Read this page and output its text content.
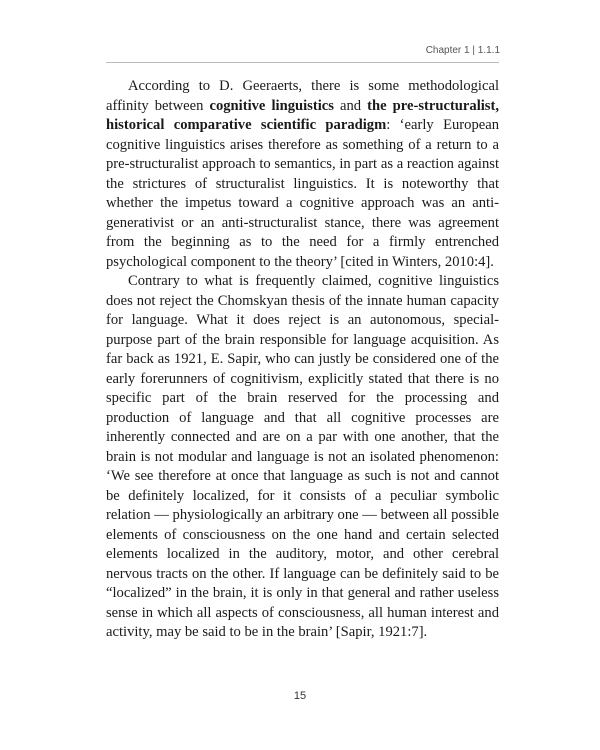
Chapter 1 | 1.1.1

According to D. Geeraerts, there is some methodological affinity between cognitive linguistics and the pre-structuralist, historical comparative scientific paradigm: ‘early European cognitive linguistics arises therefore as something of a return to a pre-structuralist approach to semantics, in part as a reaction against the strictures of structuralist linguistics. It is noteworthy that whether the impetus toward a cognitive approach was an anti-generativist or an anti-structuralist stance, there was agreement from the beginning as to the need for a firmly entrenched psychological component to the theory’ [cited in Winters, 2010:4].

Contrary to what is frequently claimed, cognitive linguistics does not reject the Chomskyan thesis of the innate human capacity for language. What it does reject is an autonomous, special-purpose part of the brain responsible for language acquisition. As far back as 1921, E. Sapir, who can justly be considered one of the early forerunners of cognitivism, explicitly stated that there is no specific part of the brain reserved for the processing and production of language and that all cognitive processes are inherently connected and are on a par with one another, that the brain is not modular and language is not an isolated phenomenon: ‘We see therefore at once that language as such is not and cannot be definitely localized, for it consists of a peculiar symbolic relation — physiologically an arbitrary one — between all possible elements of consciousness on the one hand and certain selected elements localized in the auditory, motor, and other cerebral nervous tracts on the other. If language can be definitely said to be “localized” in the brain, it is only in that general and rather useless sense in which all aspects of consciousness, all human interest and activity, may be said to be in the brain’ [Sapir, 1921:7].

15
